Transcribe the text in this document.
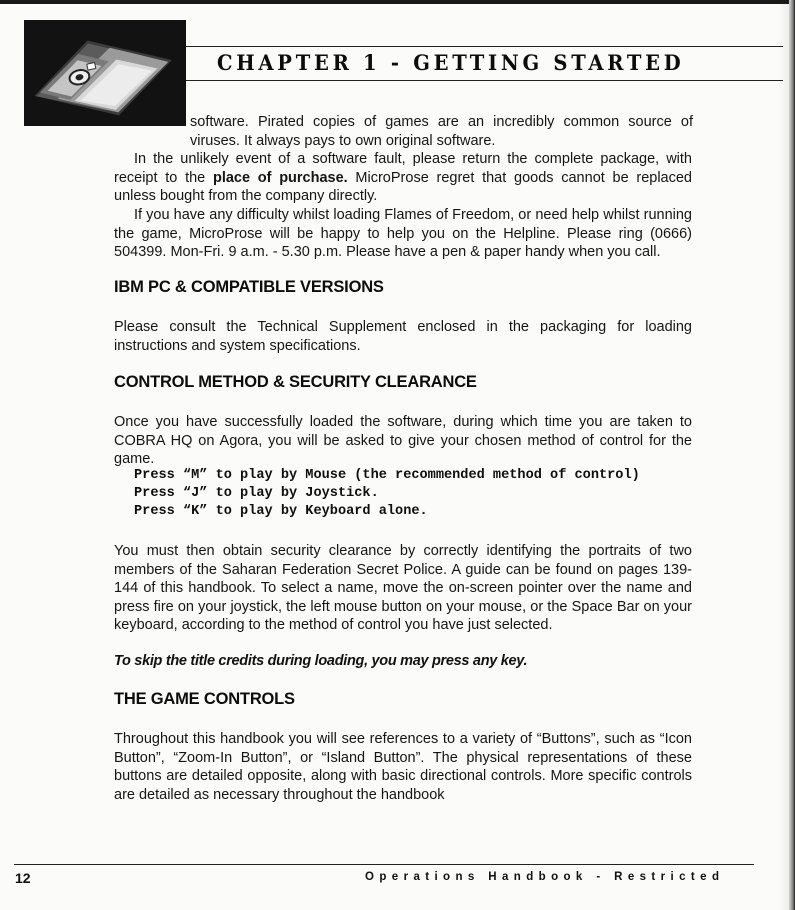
CHAPTER 1 - GETTING STARTED

software. Pirated copies of games are an incredibly common source of viruses. It always pays to own original software.

In the unlikely event of a software fault, please return the complete package, with receipt to the place of purchase. MicroProse regret that goods cannot be replaced unless bought from the company directly.

If you have any difficulty whilst loading Flames of Freedom, or need help whilst running the game, MicroProse will be happy to help you on the Helpline. Please ring (0666) 504399. Mon-Fri. 9 a.m. - 5.30 p.m. Please have a pen & paper handy when you call.

IBM PC & COMPATIBLE VERSIONS

Please consult the Technical Supplement enclosed in the packaging for loading instructions and system specifications.

CONTROL METHOD & SECURITY CLEARANCE

Once you have successfully loaded the software, during which time you are taken to COBRA HQ on Agora, you will be asked to give your chosen method of control for the game.

Press “M” to play by Mouse (the recommended method of control)

Press “J” to play by Joystick.

Press “K” to play by Keyboard alone.

You must then obtain security clearance by correctly identifying the portraits of two members of the Saharan Federation Secret Police. A guide can be found on pages 139-144 of this handbook. To select a name, move the on-screen pointer over the name and press fire on your joystick, the left mouse button on your mouse, or the Space Bar on your keyboard, according to the method of control you have just selected.

To skip the title credits during loading, you may press any key.

THE GAME CONTROLS

Throughout this handbook you will see references to a variety of “Buttons”, such as “Icon Button”, “Zoom-In Button”, or “Island Button”. The physical representations of these buttons are detailed opposite, along with basic directional controls. More specific controls are detailed as necessary throughout the handbook

12	Operations Handbook - Restricted
